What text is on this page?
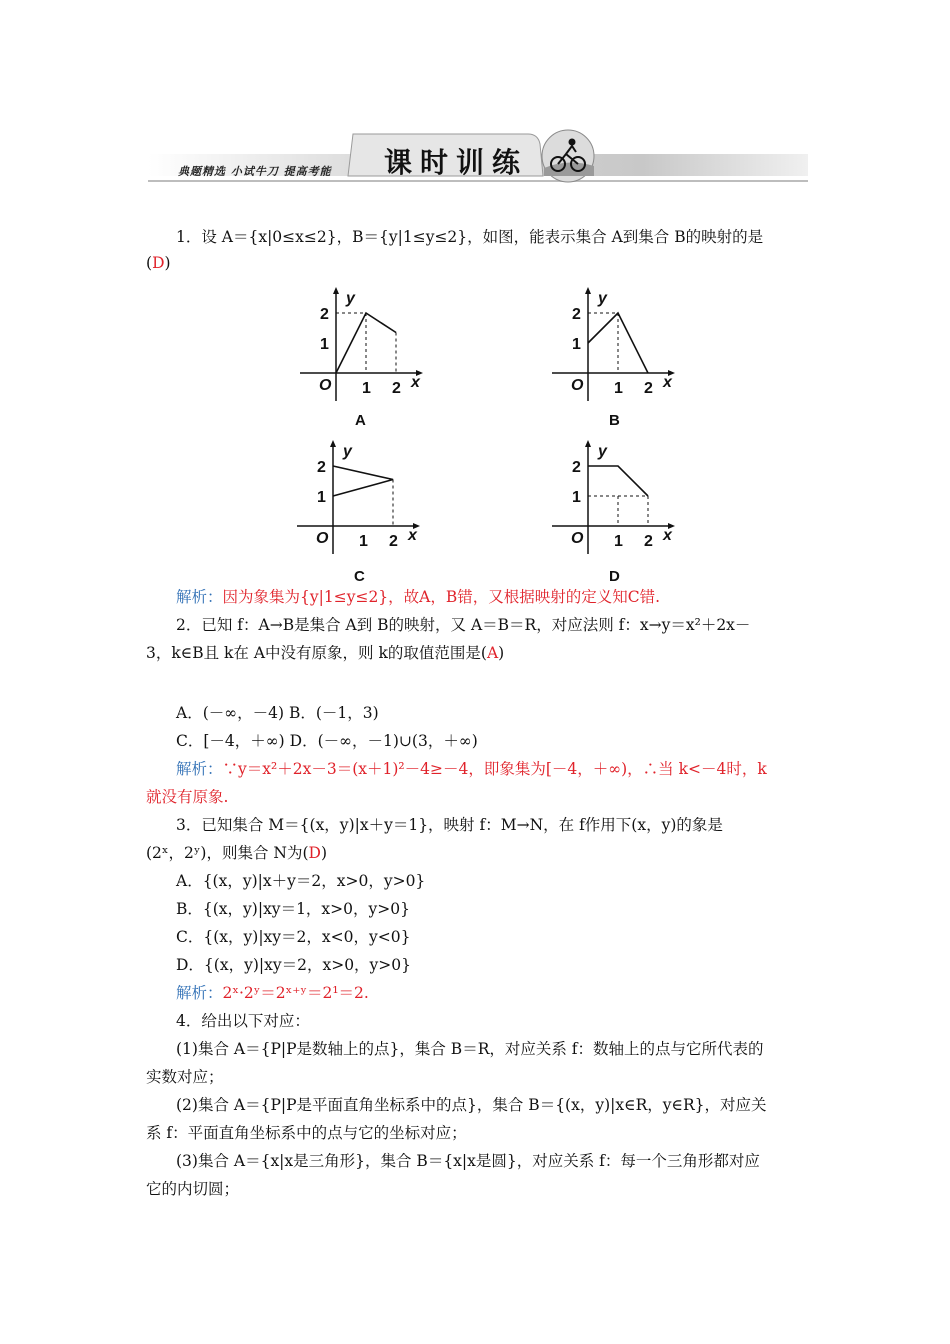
典题精选 小试牛刀 提高考能 课时训练
1．设 A＝{x|0≤x≤2}，B＝{y|1≤y≤2}，如图，能表示集合 A到集合 B的映射的是
(D)
y
x
O 1 2
1
2
y
x
O 1 2
1
2
y
x
O 1 2
1
2
y
x
O 1 2
1
2
A	B
C	D
解析：因为象集为{y|1≤y≤2}，故A，B错，又根据映射的定义知C错.
2．已知 f：A→B是集合 A到 B的映射，又 A＝B＝R，对应法则 f：x→y＝x²＋2x－
3，k∈B且 k在 A中没有原象，则 k的取值范围是(A)
A．(－∞，－4) B．(－1，3)
C．[－4，＋∞) D．(－∞，－1)∪(3，＋∞)
解析：∵y＝x²＋2x－3＝(x＋1)²－4≥－4，即象集为[－4，＋∞)，∴当 k<－4时，k
就没有原象.
3．已知集合 M＝{(x，y)|x＋y＝1}，映射 f：M→N，在 f作用下(x，y)的象是
(2ˣ，2ʸ)，则集合 N为(D)
A．{(x，y)|x＋y＝2，x>0，y>0}
B．{(x，y)|xy＝1，x>0，y>0}
C．{(x，y)|xy＝2，x<0，y<0}
D．{(x，y)|xy＝2，x>0，y>0}
解析：2ˣ·2ʸ＝2ˣ⁺ʸ＝2¹＝2.
4．给出以下对应：
(1)集合 A＝{P|P是数轴上的点}，集合 B＝R，对应关系 f：数轴上的点与它所代表的
实数对应；
(2)集合 A＝{P|P是平面直角坐标系中的点}，集合 B＝{(x，y)|x∈R，y∈R}，对应关
系 f：平面直角坐标系中的点与它的坐标对应；
(3)集合 A＝{x|x是三角形}，集合 B＝{x|x是圆}，对应关系 f：每一个三角形都对应
它的内切圆；
